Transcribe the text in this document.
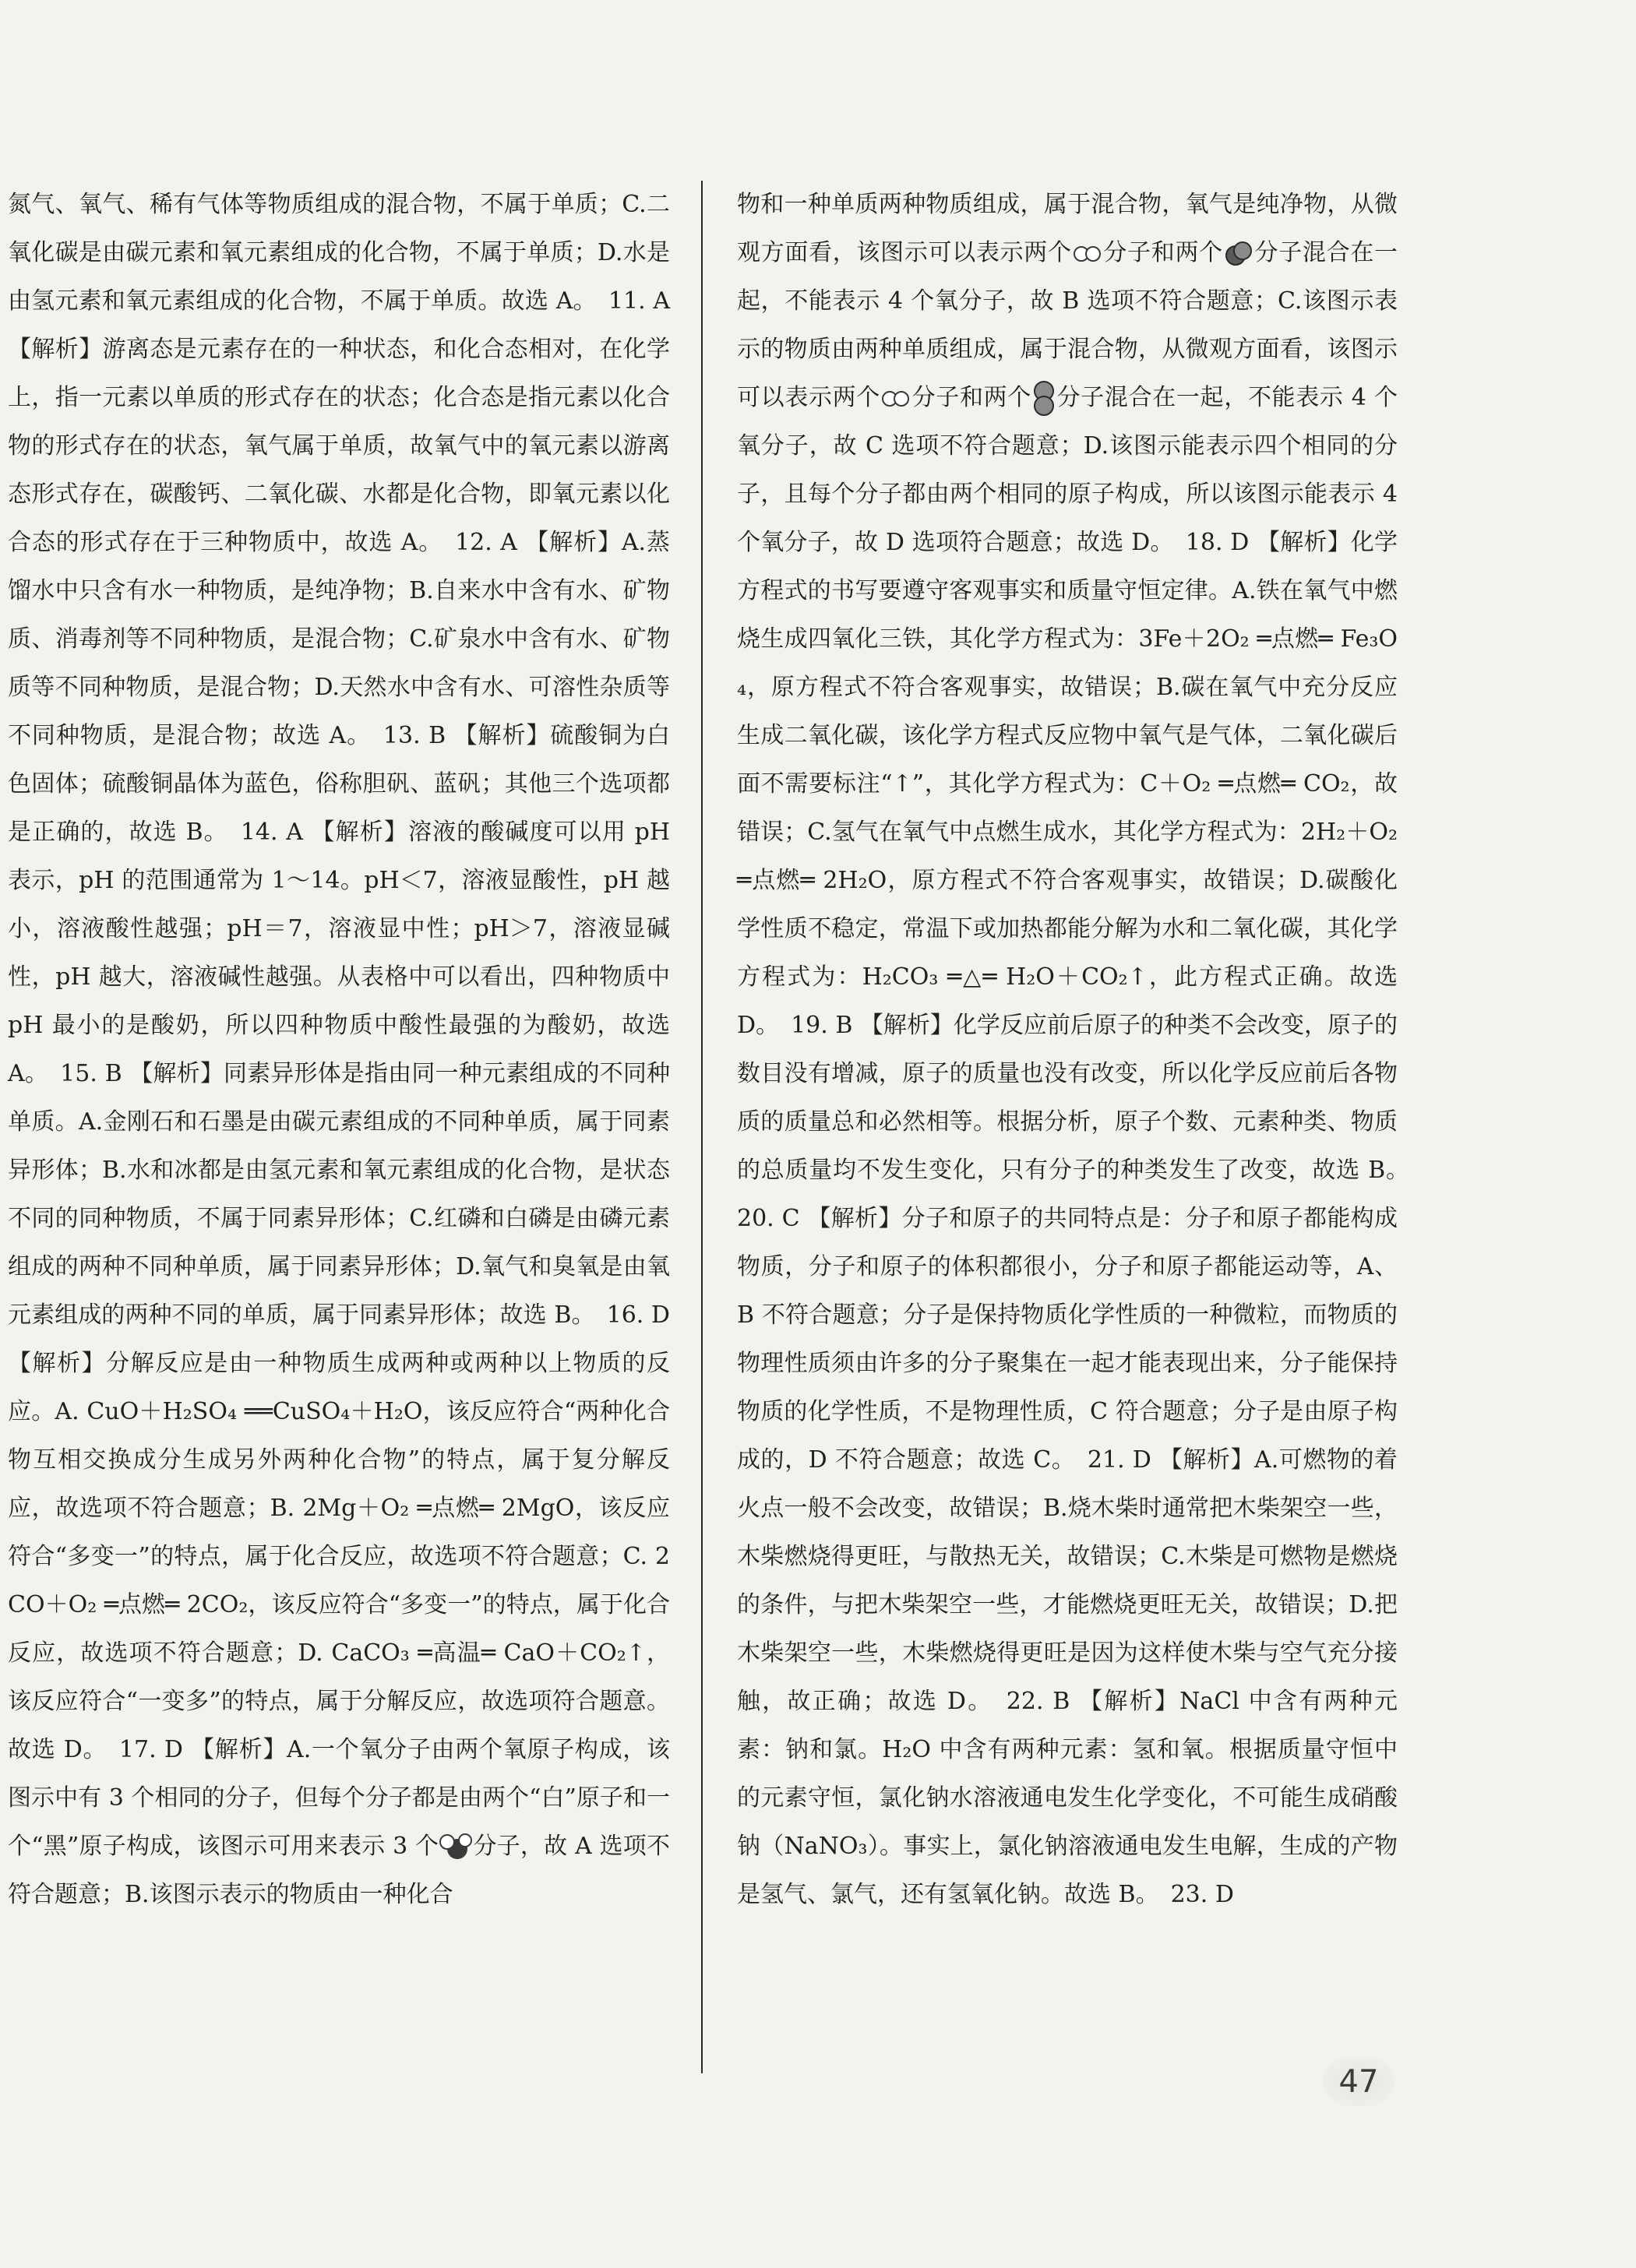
氮气、氧气、稀有气体等物质组成的混合物，不属于单质；C.二氧化碳是由碳元素和氧元素组成的化合物，不属于单质；D.水是由氢元素和氧元素组成的化合物，不属于单质。故选 A。　11. A 【解析】游离态是元素存在的一种状态，和化合态相对，在化学上，指一元素以单质的形式存在的状态；化合态是指元素以化合物的形式存在的状态，氧气属于单质，故氧气中的氧元素以游离态形式存在，碳酸钙、二氧化碳、水都是化合物，即氧元素以化合态的形式存在于三种物质中，故选 A。　12. A 【解析】A.蒸馏水中只含有水一种物质，是纯净物；B.自来水中含有水、矿物质、消毒剂等不同种物质，是混合物；C.矿泉水中含有水、矿物质等不同种物质，是混合物；D.天然水中含有水、可溶性杂质等不同种物质，是混合物；故选 A。　13. B 【解析】硫酸铜为白色固体；硫酸铜晶体为蓝色，俗称胆矾、蓝矾；其他三个选项都是正确的，故选 B。　14. A 【解析】溶液的酸碱度可以用 pH 表示，pH 的范围通常为 1～14。pH＜7，溶液显酸性，pH 越小，溶液酸性越强；pH＝7，溶液显中性；pH＞7，溶液显碱性，pH 越大，溶液碱性越强。从表格中可以看出，四种物质中 pH 最小的是酸奶，所以四种物质中酸性最强的为酸奶，故选 A。　15. B 【解析】同素异形体是指由同一种元素组成的不同种单质。A.金刚石和石墨是由碳元素组成的不同种单质，属于同素异形体；B.水和冰都是由氢元素和氧元素组成的化合物，是状态不同的同种物质，不属于同素异形体；C.红磷和白磷是由磷元素组成的两种不同种单质，属于同素异形体；D.氧气和臭氧是由氧元素组成的两种不同的单质，属于同素异形体；故选 B。　16. D 【解析】分解反应是由一种物质生成两种或两种以上物质的反应。A. CuO＋H₂SO₄ ══CuSO₄＋H₂O，该反应符合“两种化合物互相交换成分生成另外两种化合物”的特点，属于复分解反应，故选项不符合题意；B. 2Mg＋O₂ ═点燃═ 2MgO，该反应符合“多变一”的特点，属于化合反应，故选项不符合题意；C. 2CO＋O₂ ═点燃═ 2CO₂，该反应符合“多变一”的特点，属于化合反应，故选项不符合题意；D. CaCO₃ ═高温═ CaO＋CO₂↑，该反应符合“一变多”的特点，属于分解反应，故选项符合题意。故选 D。　17. D 【解析】A.一个氧分子由两个氧原子构成，该图示中有 3 个相同的分子，但每个分子都是由两个“白”原子和一个“黑”原子构成，该图示可用来表示 3 个 分子，故 A 选项不符合题意；B.该图示表示的物质由一种化合
物和一种单质两种物质组成，属于混合物，氧气是纯净物，从微观方面看，该图示可以表示两个 分子和两个 分子混合在一起，不能表示 4 个氧分子，故 B 选项不符合题意；C.该图示表示的物质由两种单质组成，属于混合物，从微观方面看，该图示可以表示两个 分子和两个 分子混合在一起，不能表示 4 个氧分子，故 C 选项不符合题意；D.该图示能表示四个相同的分子，且每个分子都由两个相同的原子构成，所以该图示能表示 4 个氧分子，故 D 选项符合题意；故选 D。　18. D 【解析】化学方程式的书写要遵守客观事实和质量守恒定律。A.铁在氧气中燃烧生成四氧化三铁，其化学方程式为：3Fe＋2O₂ ═点燃═ Fe₃O₄，原方程式不符合客观事实，故错误；B.碳在氧气中充分反应生成二氧化碳，该化学方程式反应物中氧气是气体，二氧化碳后面不需要标注“↑”，其化学方程式为：C＋O₂ ═点燃═ CO₂，故错误；C.氢气在氧气中点燃生成水，其化学方程式为：2H₂＋O₂ ═点燃═ 2H₂O，原方程式不符合客观事实，故错误；D.碳酸化学性质不稳定，常温下或加热都能分解为水和二氧化碳，其化学方程式为：H₂CO₃ ═△═ H₂O＋CO₂↑，此方程式正确。故选 D。　19. B 【解析】化学反应前后原子的种类不会改变，原子的数目没有增减，原子的质量也没有改变，所以化学反应前后各物质的质量总和必然相等。根据分析，原子个数、元素种类、物质的总质量均不发生变化，只有分子的种类发生了改变，故选 B。　20. C 【解析】分子和原子的共同特点是：分子和原子都能构成物质，分子和原子的体积都很小，分子和原子都能运动等，A、B 不符合题意；分子是保持物质化学性质的一种微粒，而物质的物理性质须由许多的分子聚集在一起才能表现出来，分子能保持物质的化学性质，不是物理性质，C 符合题意；分子是由原子构成的，D 不符合题意；故选 C。　21. D 【解析】A.可燃物的着火点一般不会改变，故错误；B.烧木柴时通常把木柴架空一些，木柴燃烧得更旺，与散热无关，故错误；C.木柴是可燃物是燃烧的条件，与把木柴架空一些，才能燃烧更旺无关，故错误；D.把木柴架空一些，木柴燃烧得更旺是因为这样使木柴与空气充分接触，故正确；故选 D。　22. B 【解析】NaCl 中含有两种元素：钠和氯。H₂O 中含有两种元素：氢和氧。根据质量守恒中的元素守恒，氯化钠水溶液通电发生化学变化，不可能生成硝酸钠（NaNO₃）。事实上，氯化钠溶液通电发生电解，生成的产物是氢气、氯气，还有氢氧化钠。故选 B。　23. D
47
